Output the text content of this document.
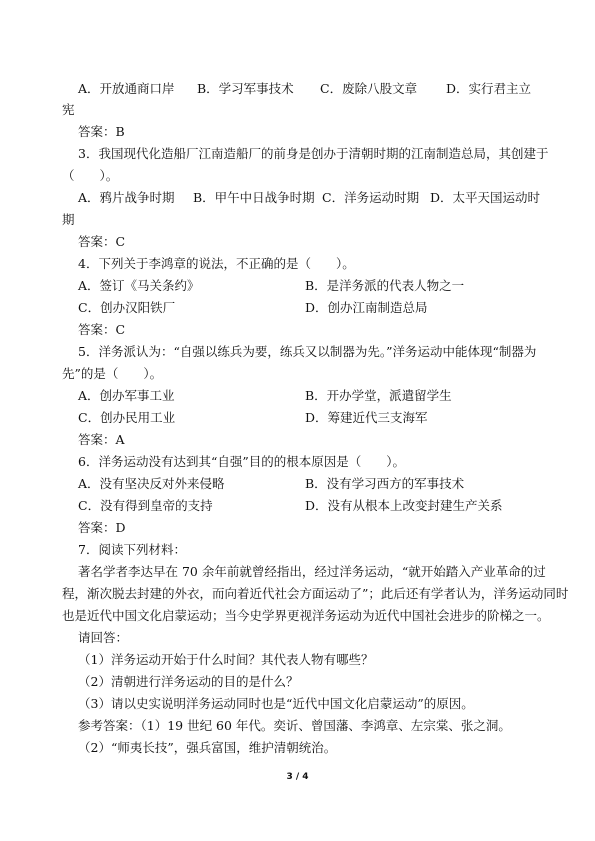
A．开放通商口岸 B．学习军事技术 C．废除八股文章 D．实行君主立
宪
答案：B
3．我国现代化造船厂江南造船厂的前身是创办于清朝时期的江南制造总局，其创建于
（　　）。
A．鸦片战争时期 B．甲午中日战争时期 C．洋务运动时期 D．太平天国运动时
期
答案：C
4．下列关于李鸿章的说法，不正确的是（　　）。
A．签订《马关条约》	B．是洋务派的代表人物之一
C．创办汉阳铁厂	D．创办江南制造总局
答案：C
5．洋务派认为：“自强以练兵为要，练兵又以制器为先。”洋务运动中能体现“制器为
先”的是（　　）。
A．创办军事工业	B．开办学堂，派遣留学生
C．创办民用工业	D．筹建近代三支海军
答案：A
6．洋务运动没有达到其“自强”目的的根本原因是（　　）。
A．没有坚决反对外来侵略	B．没有学习西方的军事技术
C．没有得到皇帝的支持	D．没有从根本上改变封建生产关系
答案：D
7．阅读下列材料：
著名学者李达早在 70 余年前就曾经指出，经过洋务运动，“就开始踏入产业革命的过
程，渐次脱去封建的外衣，而向着近代社会方面运动了”；此后还有学者认为，洋务运动同时
也是近代中国文化启蒙运动；当今史学界更视洋务运动为近代中国社会进步的阶梯之一。
请回答：
（1）洋务运动开始于什么时间？其代表人物有哪些？
（2）清朝进行洋务运动的目的是什么？
（3）请以史实说明洋务运动同时也是“近代中国文化启蒙运动”的原因。
参考答案：（1）19 世纪 60 年代。奕䜣、曾国藩、李鸿章、左宗棠、张之洞。
（2）“师夷长技”，强兵富国，维护清朝统治。
3 / 4
